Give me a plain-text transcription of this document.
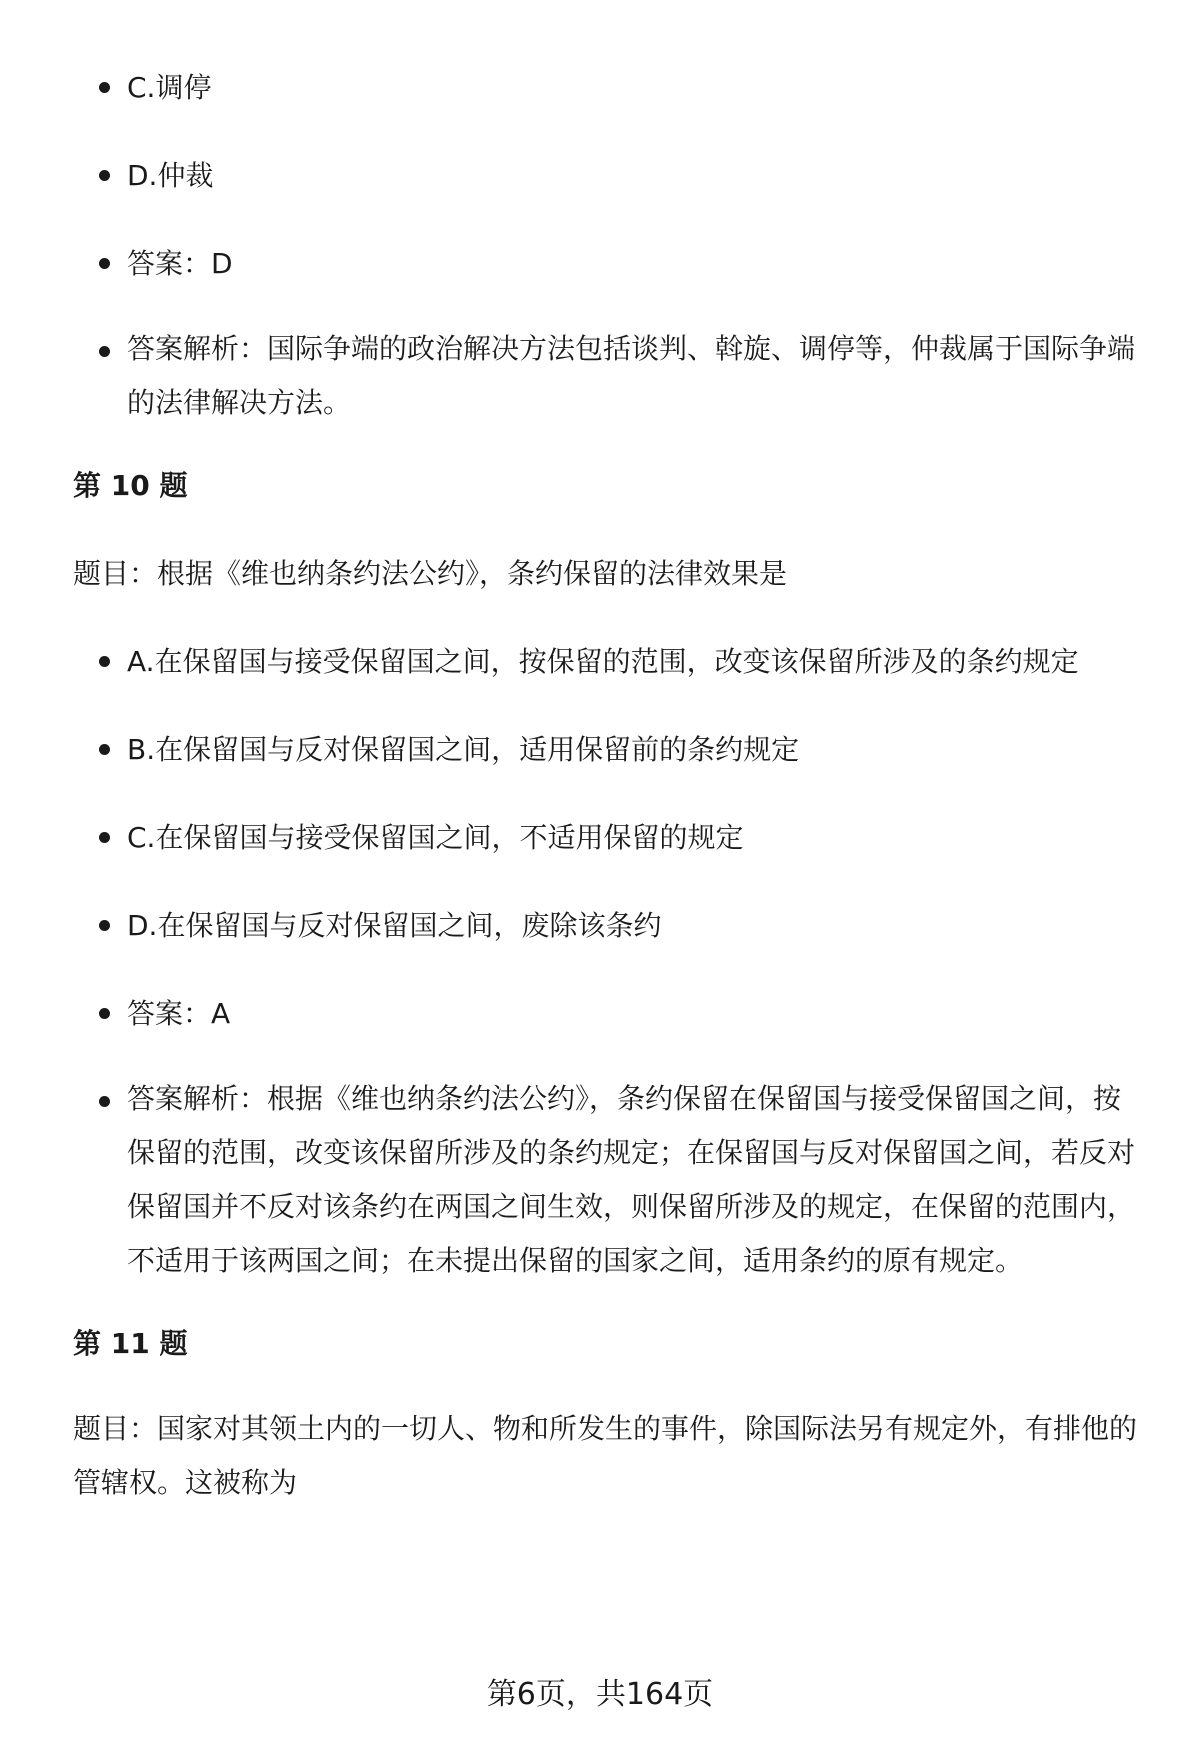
C.调停
D.仲裁
答案：D
答案解析：国际争端的政治解决方法包括谈判、斡旋、调停等，仲裁属于国际争端的法律解决方法。
第 10 题
题目：根据《维也纳条约法公约》，条约保留的法律效果是
A.在保留国与接受保留国之间，按保留的范围，改变该保留所涉及的条约规定
B.在保留国与反对保留国之间，适用保留前的条约规定
C.在保留国与接受保留国之间，不适用保留的规定
D.在保留国与反对保留国之间，废除该条约
答案：A
答案解析：根据《维也纳条约法公约》，条约保留在保留国与接受保留国之间，按保留的范围，改变该保留所涉及的条约规定；在保留国与反对保留国之间，若反对保留国并不反对该条约在两国之间生效，则保留所涉及的规定，在保留的范围内，不适用于该两国之间；在未提出保留的国家之间，适用条约的原有规定。
第 11 题
题目：国家对其领土内的一切人、物和所发生的事件，除国际法另有规定外，有排他的管辖权。这被称为
第6页，共164页
